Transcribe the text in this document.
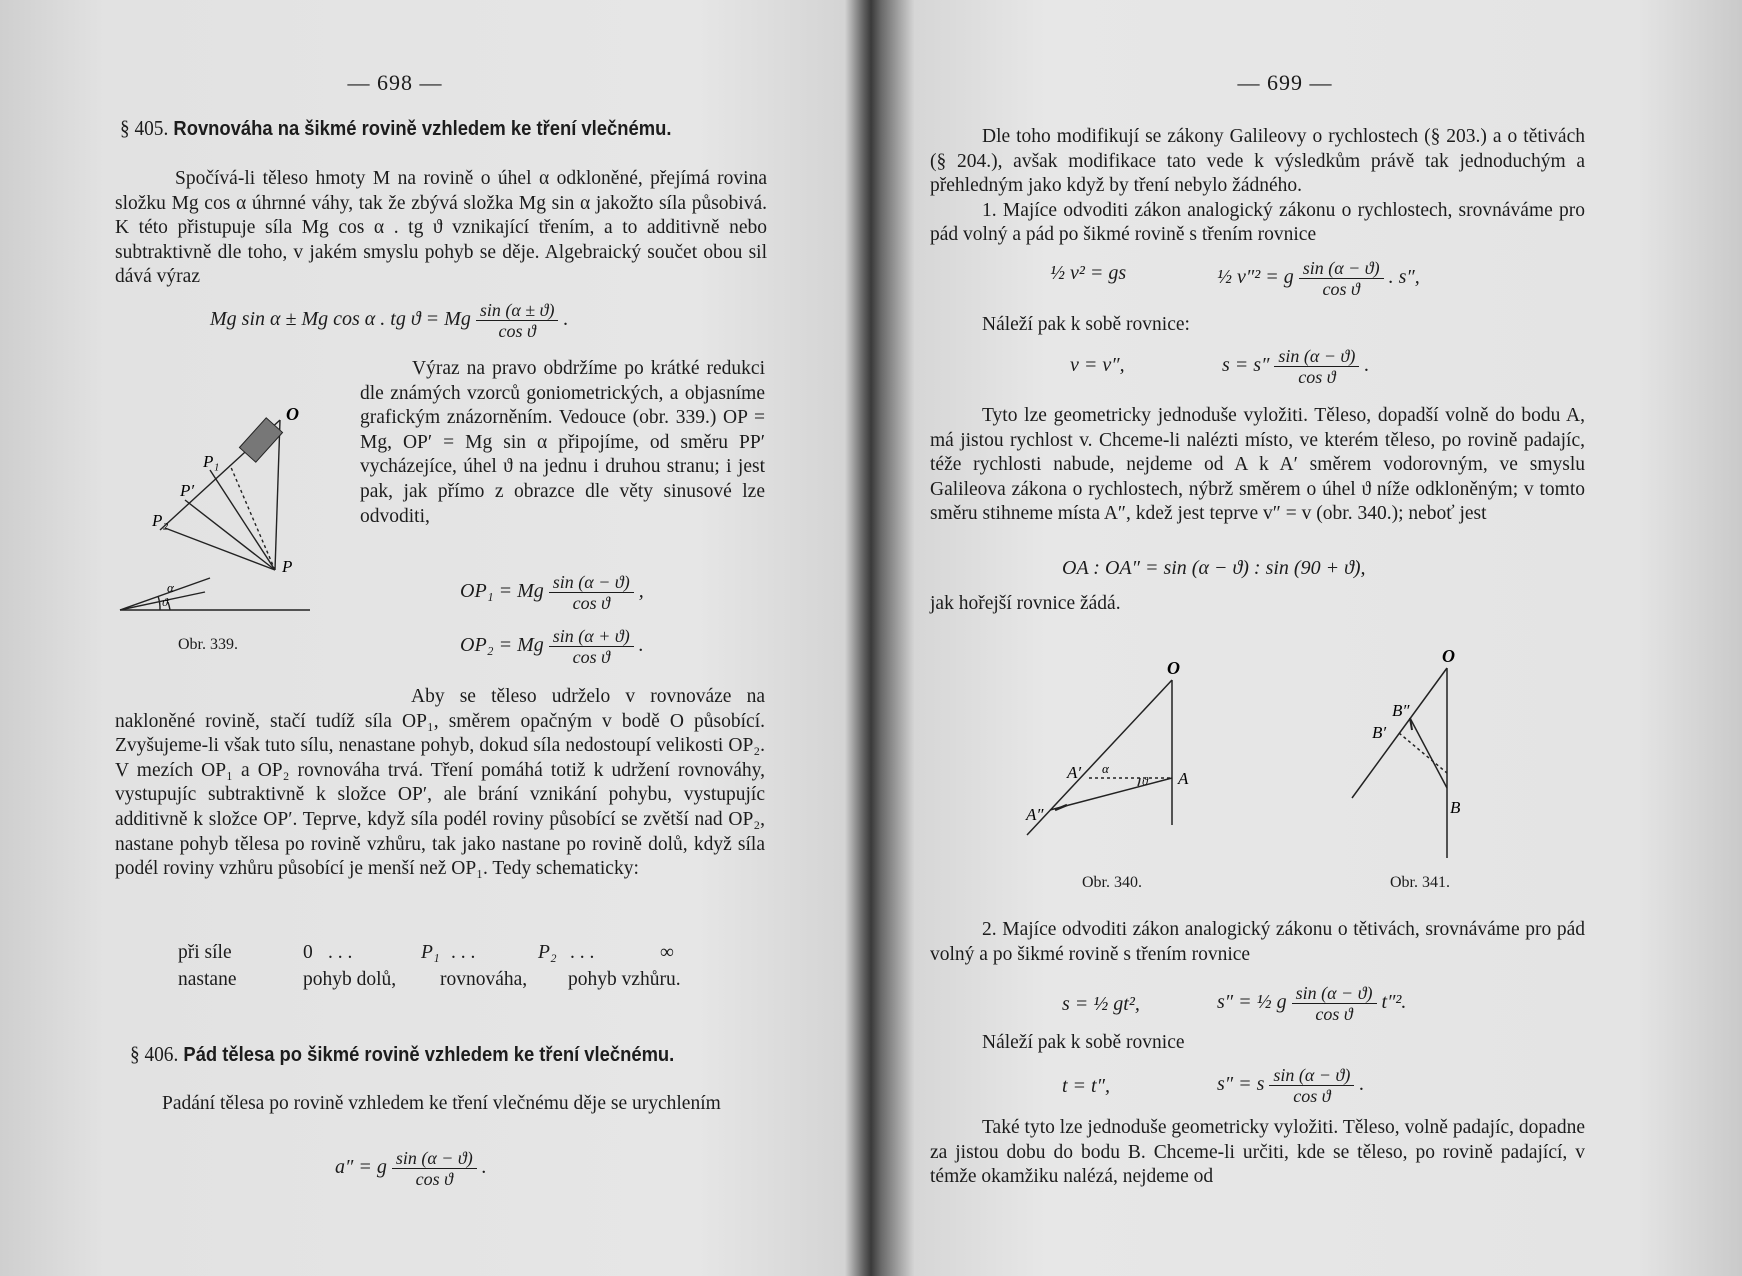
— 698 —
§ 405. Rovnováha na šikmé rovině vzhledem ke tření vlečnému.

Spočívá-li těleso hmoty M na rovině o úhel α odkloněné, přejímá rovina složku Mg cos α úhrnné váhy, tak že zbývá složka Mg sin α jakožto síla působivá. K této přistupuje síla Mg cos α . tg ϑ vznikající třením, a to additivně nebo subtraktivně dle toho, v jakém smyslu pohyb se děje. Algebraický součet obou sil dává výraz

Mg sin α ± Mg cos α . tg ϑ = Mg $\frac{\sin (\alpha \pm ϑ)}{\text{cos ϑ}}$ .
O
P₁
P′
P₂
P
α
ϑ
Obr. 339.

Výraz na pravo obdržíme po krátké redukci dle známých vzorců goniometrických, a objasníme grafickým znázorněním. Vedouce (obr. 339.) OP = Mg, OP′ = Mg sin α připojíme, od směru PP′ vycházejíce, úhel ϑ na jednu i druhou stranu; i jest pak, jak přímo z obrazce dle věty sinusové lze odvoditi,

OP₁ = Mg $\frac{\sin (\alpha - ϑ)}{\text{cos ϑ}}$ ,
OP₂ = Mg $\frac{\sin (\alpha + ϑ)}{\text{cos ϑ}}$ .

Aby se těleso udrželo v rovnováze na nakloněné rovině, stačí tudíž síla OP₁, směrem opačným v bodě O působící. Zvyšujeme-li však tuto sílu, nenastane pohyb, dokud síla nedostoupí velikosti OP₂. V mezích OP₁ a OP₂ rovnováha trvá. Tření pomáhá totiž k udržení rovnováhy, vystupujíc subtraktivně k složce OP′, ale brání vznikání pohybu, vystupujíc additivně k složce OP′. Teprve, když síla podél roviny působící se zvětší nad OP₂, nastane pohyb tělesa po rovině vzhůru, tak jako nastane po rovině dolů, když síla podél roviny vzhůru působící je menší než OP₁. Tedy schematicky:

při síle	0 . . .	P₁ . . .	P₂ . . .	∞
nastane	pohyb dolů, rovnováha, pohyb vzhůru.
§ 406. Pád tělesa po šikmé rovině vzhledem ke tření vlečnému.

Padání tělesa po rovině vzhledem ke tření vlečnému děje se urychlením

a″ = g $\frac{\sin (\alpha - ϑ)}{\text{cos ϑ}}$ .
— 699 —

Dle toho modifikují se zákony Galileovy o rychlostech (§ 203.) a o tětivách (§ 204.), avšak modifikace tato vede k výsledkům právě tak jednoduchým a přehledným jako když by tření nebylo žádného.

1. Majíce odvoditi zákon analogický zákonu o rychlostech, srovnáváme pro pád volný a pád po šikmé rovině s třením rovnice

½ v² = gs	½ v″² = g $\frac{\sin (\alpha - ϑ)}{\text{cos ϑ}}$ . s″,

Náleží pak k sobě rovnice:

v = v″,	$s = s'' \frac{\sin (\alpha - ϑ)}{\text{cos ϑ}}$ .

Tyto lze geometricky jednoduše vyložiti. Těleso, dopadší volně do bodu A, má jistou rychlost v. Chceme-li nalézti místo, ve kterém těleso, po rovině padajíc, téže rychlosti nabude, nejdeme od A k A′ směrem vodorovným, ve smyslu Galileova zákona o rychlostech, nýbrž směrem o úhel ϑ níže odkloněným; v tomto směru stihneme místa A″, kdež jest teprve v″ = v (obr. 340.); neboť jest

OA : OA″ = sin (α − ϑ) : sin (90 + ϑ),

jak hořejší rovnice žádá.

O
A
A′
A″
α
ϑ
Obr. 340.
O
B
B′
B″
Obr. 341.

2. Majíce odvoditi zákon analogický zákonu o tětivách, srovnáváme pro pád volný a po šikmé rovině s třením rovnice

s = ½ gt²,	s″ = ½ g $\frac{\sin (\alpha - ϑ)}{\text{cos ϑ}} t''^2$.

Náleží pak k sobě rovnice

t = t″,	s″ = s $\frac{\sin (\alpha - ϑ)}{\text{cos ϑ}}$ .

Také tyto lze jednoduše geometricky vyložiti. Těleso, volně padajíc, dopadne za jistou dobu do bodu B. Chceme-li určiti, kde se těleso, po rovině padající, v témže okamžiku nalézá, nejdeme od
